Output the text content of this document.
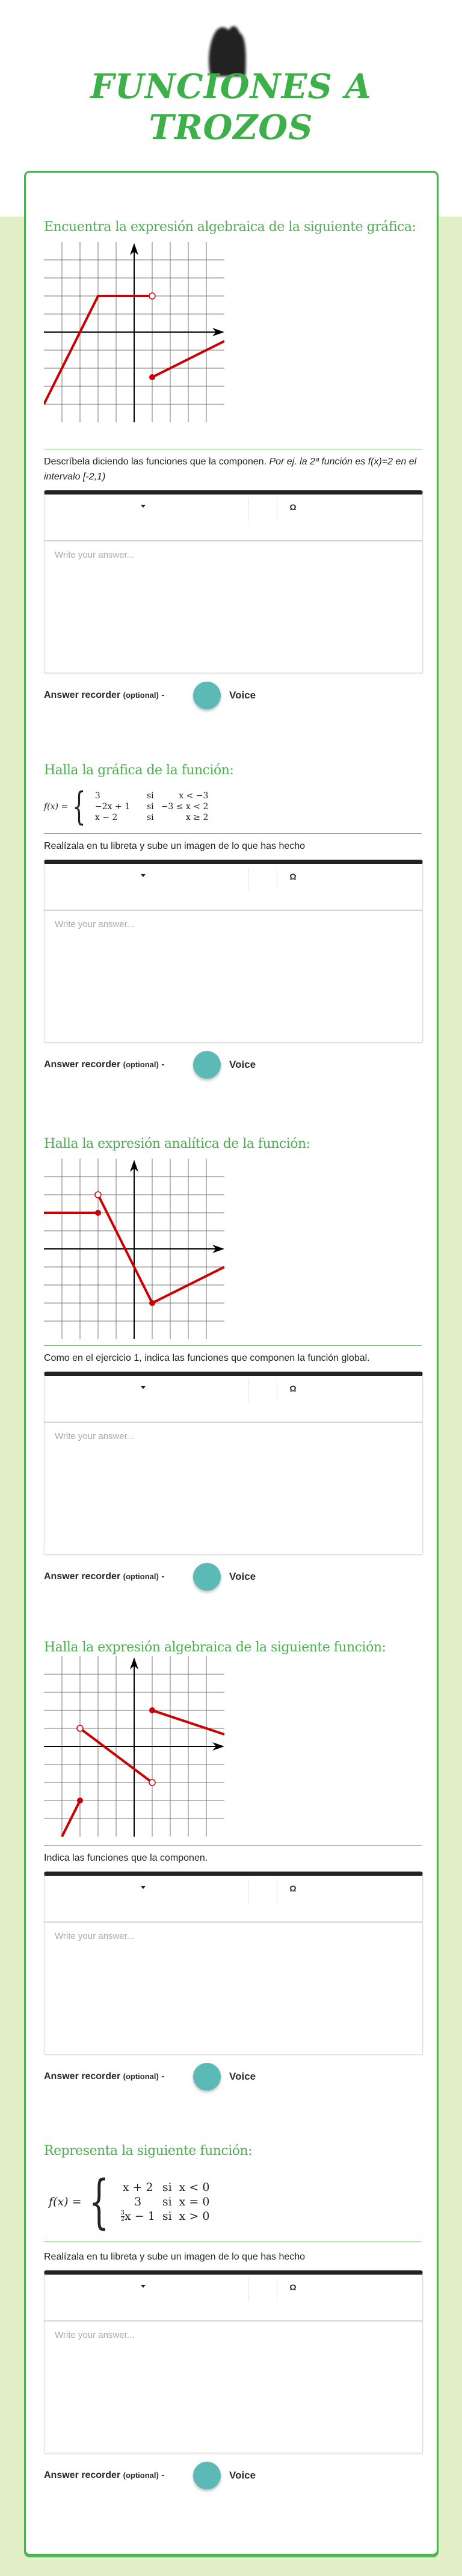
FUNCIONES A
TROZOS
Encuentra la expresión algebraica de la siguiente gráfica:
Descríbela diciendo las funciones que la componen. Por ej. la 2ª función es f(x)=2 en el intervalo [-2,1)
Ω
Write your answer...
Answer recorder (optional) -	Voice
Halla la gráfica de la función:
f(x) = { 3	si	x < −3
−2x + 1	si	−3 ≤ x < 2
x − 2	si	x ≥ 2
Realízala en tu libreta y sube un imagen de lo que has hecho
Ω
Write your answer...
Answer recorder (optional) -	Voice
Halla la expresión analítica de la función:
Como en el ejercicio 1, indica las funciones que componen la función global.
Ω
Write your answer...
Answer recorder (optional) -	Voice
Halla la expresión algebraica de la siguiente función:
Indica las funciones que la componen.
Ω
Write your answer...
Answer recorder (optional) -	Voice
Representa la siguiente función:
f(x) = { x + 2	si	x < 0
3	si	x = 0

$\frac{3}{2}$ x − 1	si	x > 0
Realízala en tu libreta y sube un imagen de lo que has hecho
Ω
Write your answer...
Answer recorder (optional) -	Voice
